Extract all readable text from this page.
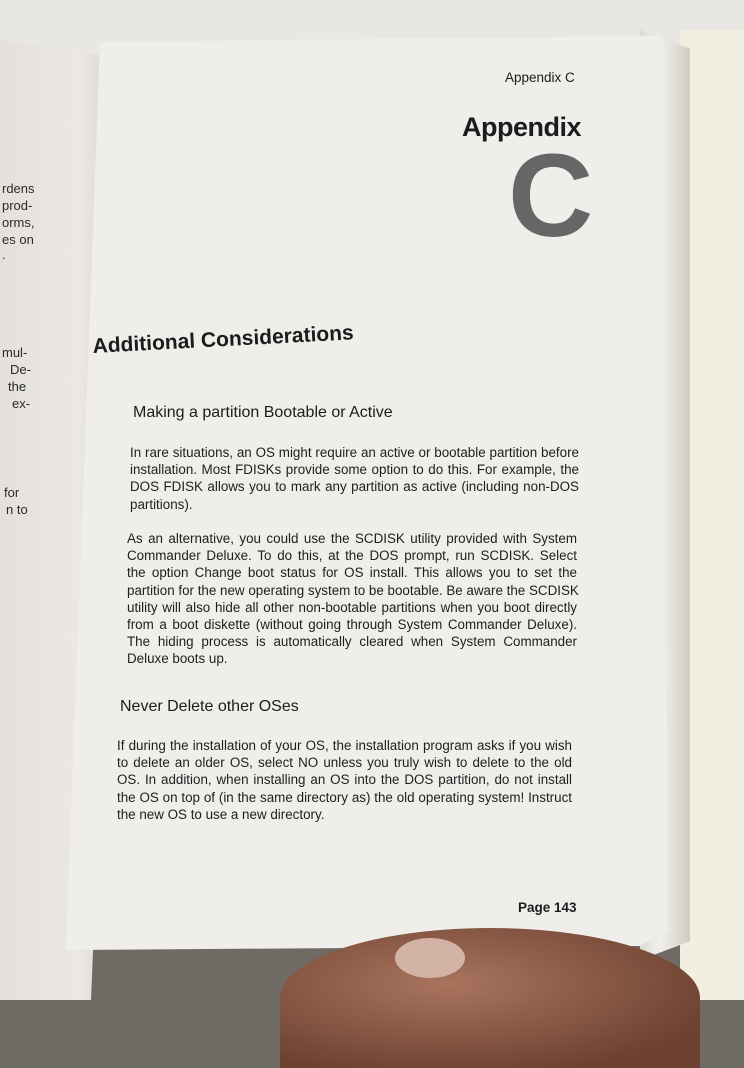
rdens
prod-
orms,
es on
.
mul-
De-
the
ex-
for
n to
Appendix C
Appendix
C
Additional Considerations
Making a partition Bootable or Active
In rare situations, an OS might require an active or bootable partition before
installation. Most FDISKs provide some option to do this. For example, the
DOS FDISK allows you to mark any partition as active (including non-DOS
partitions).
As an alternative, you could use the SCDISK utility provided with System
Commander Deluxe. To do this, at the DOS prompt, run SCDISK. Select
the option Change boot status for OS install. This allows you to set the
partition for the new operating system to be bootable. Be aware the SCDISK
utility will also hide all other non-bootable partitions when you boot directly
from a boot diskette (without going through System Commander Deluxe).
The hiding process is automatically cleared when System Commander
Deluxe boots up.
Never Delete other OSes
If during the installation of your OS, the installation program asks if you wish
to delete an older OS, select NO unless you truly wish to delete to the old
OS. In addition, when installing an OS into the DOS partition, do not install
the OS on top of (in the same directory as) the old operating system! Instruct
the new OS to use a new directory.
Page 143
